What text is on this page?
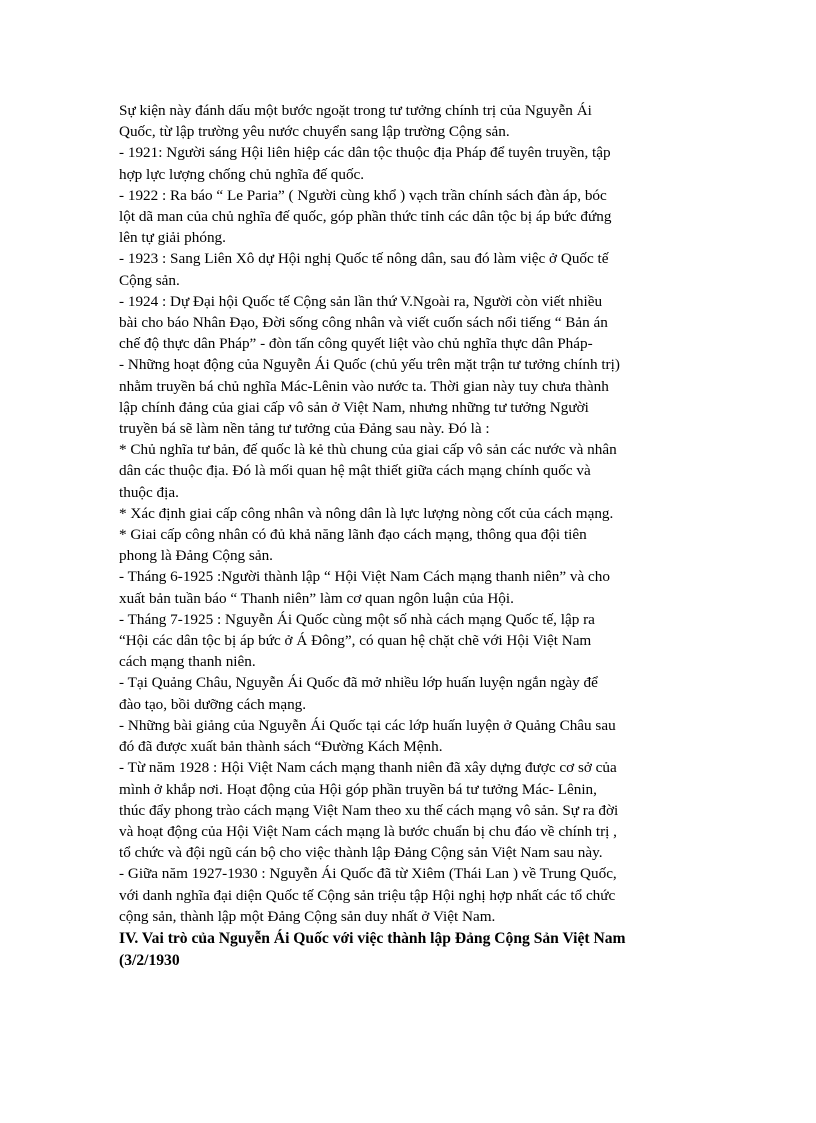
Sự kiện này đánh dấu một bước ngoặt trong tư tưởng chính trị của Nguyễn Ái
Quốc, từ lập trường yêu nước chuyển sang lập trường Cộng sản.
- 1921: Người sáng Hội liên hiệp các dân tộc thuộc địa Pháp để tuyên truyền, tập
hợp lực lượng chống chủ nghĩa đế quốc.
- 1922 : Ra báo “ Le Paria” ( Người cùng khổ ) vạch trần chính sách đàn áp, bóc
lột dã man của chủ nghĩa đế quốc, góp phần thức tỉnh các dân tộc bị áp bức đứng
lên tự giải phóng.
- 1923 : Sang Liên Xô dự Hội nghị Quốc tế nông dân, sau đó làm việc ở Quốc tế
Cộng sản.
- 1924 : Dự Đại hội Quốc tế Cộng sản lần thứ V.Ngoài ra, Người còn viết nhiều
bài cho báo Nhân Đạo, Đời sống công nhân và viết cuốn sách nổi tiếng “ Bản án
chế độ thực dân Pháp” - đòn tấn công quyết liệt vào chủ nghĩa thực dân Pháp-
- Những hoạt động của Nguyễn Ái Quốc (chủ yếu trên mặt trận tư tưởng chính trị)
nhằm truyền bá chủ nghĩa Mác-Lênin vào nước ta. Thời gian này tuy chưa thành
lập chính đảng của giai cấp vô sản ở Việt Nam, nhưng những tư tưởng Người
truyền bá sẽ làm nền tảng tư tưởng của Đảng sau này. Đó là :
* Chủ nghĩa tư bản, đế quốc là kẻ thù chung của giai cấp vô sản các nước và nhân
dân các thuộc địa. Đó là mối quan hệ mật thiết giữa cách mạng chính quốc và
thuộc địa.
* Xác định giai cấp công nhân và nông dân là lực lượng nòng cốt của cách mạng.
* Giai cấp công nhân có đủ khả năng lãnh đạo cách mạng, thông qua đội tiên
phong là Đảng Cộng sản.
- Tháng 6-1925 :Người thành lập “ Hội Việt Nam Cách mạng thanh niên” và cho
xuất bản tuần báo “ Thanh niên” làm cơ quan ngôn luận của Hội.
- Tháng 7-1925 : Nguyễn Ái Quốc cùng một số nhà cách mạng Quốc tế, lập ra
“Hội các dân tộc bị áp bức ở Á Đông”, có quan hệ chặt chẽ với Hội Việt Nam
cách mạng thanh niên.
- Tại Quảng Châu, Nguyễn Ái Quốc đã mở nhiều lớp huấn luyện ngắn ngày để
đào tạo, bồi dưỡng cách mạng.
- Những bài giảng của Nguyễn Ái Quốc tại các lớp huấn luyện ở Quảng Châu sau
đó đã được xuất bản thành sách “Đường Kách Mệnh.
- Từ năm 1928 : Hội Việt Nam cách mạng thanh niên đã xây dựng được cơ sở của
mình ở khắp nơi. Hoạt động của Hội góp phần truyền bá tư tưởng Mác- Lênin,
thúc đẩy phong trào cách mạng Việt Nam theo xu thế cách mạng vô sản. Sự ra đời
và hoạt động của Hội Việt Nam cách mạng là bước chuẩn bị chu đáo về chính trị ,
tổ chức và đội ngũ cán bộ cho việc thành lập Đảng Cộng sản Việt Nam sau này.
- Giữa năm 1927-1930 : Nguyễn Ái Quốc đã từ Xiêm (Thái Lan ) về Trung Quốc,
với danh nghĩa đại diện Quốc tế Cộng sản triệu tập Hội nghị hợp nhất các tổ chức
cộng sản, thành lập một Đảng Cộng sản duy nhất ở Việt Nam.
IV. Vai trò của Nguyễn Ái Quốc với việc thành lập Đảng Cộng Sản Việt Nam
(3/2/1930
